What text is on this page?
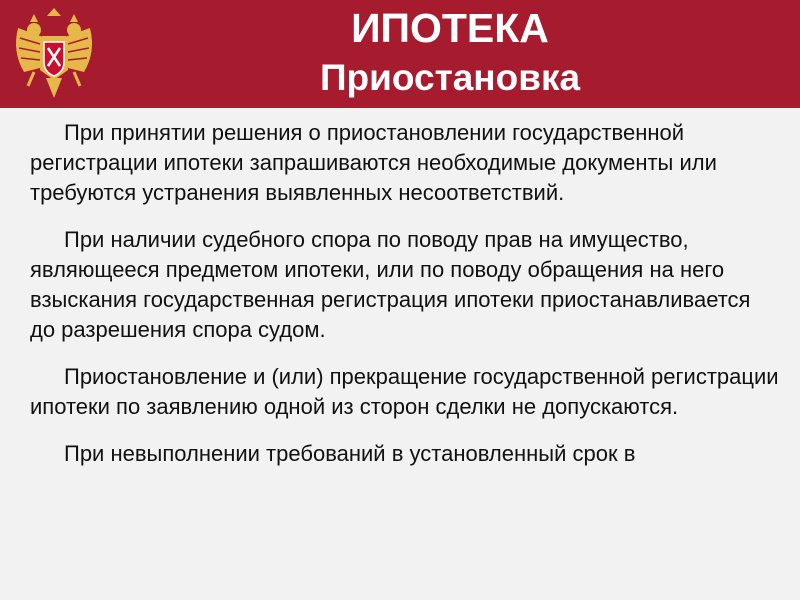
ИПОТЕКА
Приостановка

При принятии решения о приостановлении государственной регистрации ипотеки запрашиваются необходимые документы или требуются устранения выявленных несоответствий.

При наличии судебного спора по поводу прав на имущество, являющееся предметом ипотеки, или по поводу обращения на него взыскания государственная регистрация ипотеки приостанавливается до разрешения спора судом.

Приостановление и (или) прекращение государственной регистрации ипотеки по заявлению одной из сторон сделки не допускаются.

При невыполнении требований в установленный срок в
